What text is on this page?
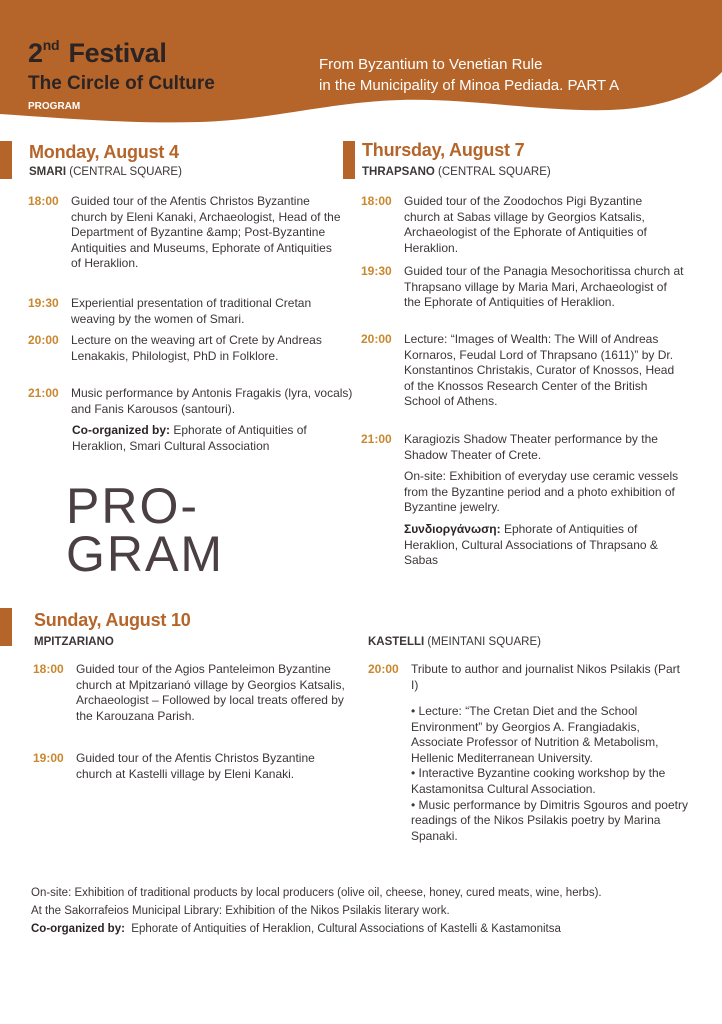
2nd Festival
The Circle of Culture
PROGRAM
From Byzantium to Venetian Rule
in the Municipality of Minoa Pediada. PART A
Monday, August 4
SMARI (CENTRAL SQUARE)
18:00 Guided tour of the Afentis Christos Byzantine church by Eleni Kanaki, Archaeologist, Head of the Department of Byzantine &amp; Post-Byzantine Antiquities and Museums, Ephorate of Antiquities of Heraklion.
19:30 Experiential presentation of traditional Cretan weaving by the women of Smari.
20:00 Lecture on the weaving art of Crete by Andreas Lenakakis, Philologist, PhD in Folklore.
21:00 Music performance by Antonis Fragakis (lyra, vocals) and Fanis Karousos (santouri).
Co-organized by: Ephorate of Antiquities of Heraklion, Smari Cultural Association
PRO-
GRAM
Thursday, August 7
THRAPSANO (CENTRAL SQUARE)
18:00 Guided tour of the Zoodochos Pigi Byzantine church at Sabas village by Georgios Katsalis, Archaeologist of the Ephorate of Antiquities of Heraklion.
19:30 Guided tour of the Panagia Mesochoritissa church at Thrapsano village by Maria Mari, Archaeologist of the Ephorate of Antiquities of Heraklion.
20:00 Lecture: “Images of Wealth: The Will of Andreas Kornaros, Feudal Lord of Thrapsano (1611)” by Dr. Konstantinos Christakis, Curator of Knossos, Head of the Knossos Research Center of the British School of Athens.
21:00 Karagiozis Shadow Theater performance by the Shadow Theater of Crete.
On-site: Exhibition of everyday use ceramic vessels from the Byzantine period and a photo exhibition of Byzantine jewelry.
Συνδιοργάνωση: Ephorate of Antiquities of Heraklion, Cultural Associations of Thrapsano & Sabas
Sunday, August 10
MPITZARIANO
18:00 Guided tour of the Agios Panteleimon Byzantine church at Mpitzarianó village by Georgios Katsalis, Archaeologist – Followed by local treats offered by the Karouzana Parish.
19:00 Guided tour of the Afentis Christos Byzantine church at Kastelli village by Eleni Kanaki.
KASTELLI (MEINTANI SQUARE)
20:00 Tribute to author and journalist Nikos Psilakis (Part I)
• Lecture: “The Cretan Diet and the School Environment” by Georgios A. Frangiadakis, Associate Professor of Nutrition & Metabolism, Hellenic Mediterranean University.
• Interactive Byzantine cooking workshop by the Kastamonitsa Cultural Association.
• Music performance by Dimitris Sgouros and poetry readings of the Nikos Psilakis poetry by Marina Spanaki.
On-site: Exhibition of traditional products by local producers (olive oil, cheese, honey, cured meats, wine, herbs).
At the Sakorrafeios Municipal Library: Exhibition of the Nikos Psilakis literary work.
Co-organized by:  Ephorate of Antiquities of Heraklion, Cultural Associations of Kastelli & Kastamonitsa
